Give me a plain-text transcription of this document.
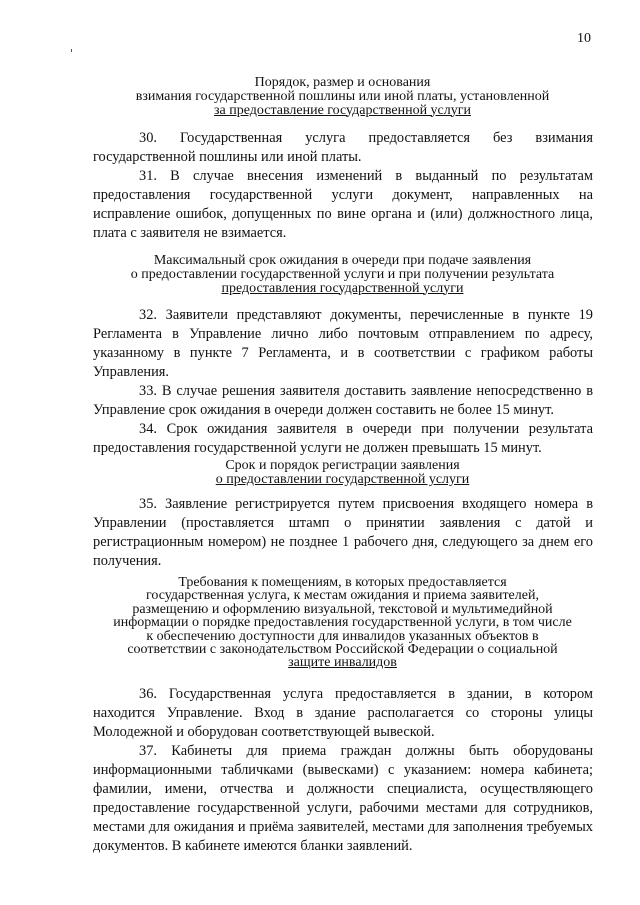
10
Порядок, размер и основания
взимания государственной пошлины или иной платы, установленной
за предоставление государственной услуги

30. Государственная услуга предоставляется без взимания государственной пошлины или иной платы.

31. В случае внесения изменений в выданный по результатам предоставления государственной услуги документ, направленных на исправление ошибок, допущенных по вине органа и (или) должностного лица, плата с заявителя не взимается.

Максимальный срок ожидания в очереди при подаче заявления
о предоставлении государственной услуги и при получении результата
предоставления государственной услуги

32. Заявители представляют документы, перечисленные в пункте 19 Регламента в Управление лично либо почтовым отправлением по адресу, указанному в пункте 7 Регламента, и в соответствии с графиком работы Управления.

33. В случае решения заявителя доставить заявление непосредственно в Управление срок ожидания в очереди должен составить не более 15 минут.

34. Срок ожидания заявителя в очереди при получении результата предоставления государственной услуги не должен превышать 15 минут.

Срок и порядок регистрации заявления
о предоставлении государственной услуги

35. Заявление регистрируется путем присвоения входящего номера в Управлении (проставляется штамп о принятии заявления с датой и регистрационным номером) не позднее 1 рабочего дня, следующего за днем его получения.

Требования к помещениям, в которых предоставляется
государственная услуга, к местам ожидания и приема заявителей,
размещению и оформлению визуальной, текстовой и мультимедийной
информации о порядке предоставления государственной услуги, в том числе
к обеспечению доступности для инвалидов указанных объектов в
соответствии с законодательством Российской Федерации о социальной
защите инвалидов

36. Государственная услуга предоставляется в здании, в котором находится Управление. Вход в здание располагается со стороны улицы Молодежной и оборудован соответствующей вывеской.

37. Кабинеты для приема граждан должны быть оборудованы информационными табличками (вывесками) с указанием: номера кабинета; фамилии, имени, отчества и должности специалиста, осуществляющего предоставление государственной услуги, рабочими местами для сотрудников, местами для ожидания и приёма заявителей, местами для заполнения требуемых документов. В кабинете имеются бланки заявлений.
